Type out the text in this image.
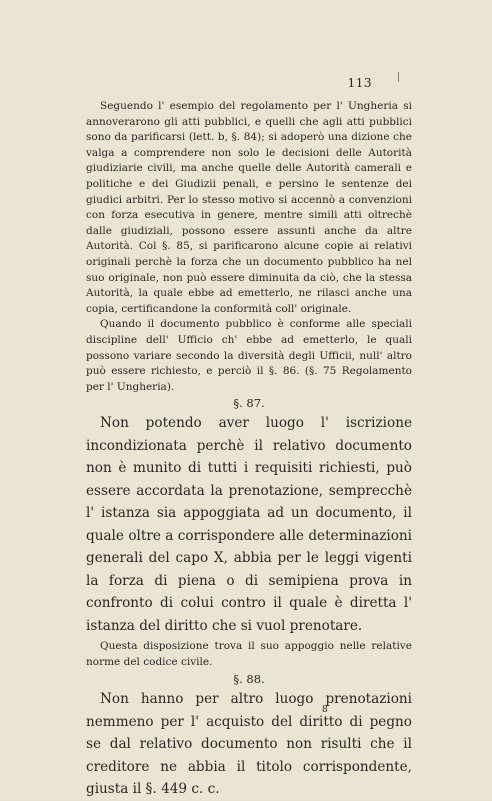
113

Seguendo l' esempio del regolamento per l' Ungheria si annoverarono gli atti pubblici, e quelli che agli atti pubblici sono da parificarsi (lett. b, §. 84); si adoperò una dizione che valga a comprendere non solo le decisioni delle Autorità giudiziarie civili, ma anche quelle delle Autorità camerali e politiche e dei Giudizii penali, e persino le sentenze dei giudici arbitri. Per lo stesso motivo si accennò a convenzioni con forza esecutiva in genere, mentre simili atti oltrechè dalle giudiziali, possono essere assunti anche da altre Autorità. Col §. 85, si parificarono alcune copie ai relativi originali perchè la forza che un documento pubblico ha nel suo originale, non può essere diminuita da ciò, che la stessa Autorità, la quale ebbe ad emetterlo, ne rilasci anche una copia, certificandone la conformità coll' originale.

Quando il documento pubblico è conforme alle speciali discipline dell' Ufficio ch' ebbe ad emetterlo, le quali possono variare secondo la diversità degli Ufficii, null' altro può essere richiesto, e perciò il §. 86. (§. 75 Regolamento per l' Ungheria).

§. 87.

Non potendo aver luogo l' iscrizione incondizionata perchè il relativo documento non è munito di tutti i requisiti richiesti, può essere accordata la prenotazione, semprecchè l' istanza sia appoggiata ad un documento, il quale oltre a corrispondere alle determinazioni generali del capo X, abbia per le leggi vigenti la forza di piena o di semipiena prova in confronto di colui contro il quale è diretta l' istanza del diritto che si vuol prenotare.

Questa disposizione trova il suo appoggio nelle relative norme del codice civile.

§. 88.

Non hanno per altro luogo prenotazioni nemmeno per l' acquisto del diritto di pegno se dal relativo documento non risulti che il creditore ne abbia il titolo corrispondente, giusta il §. 449 c. c.

8
